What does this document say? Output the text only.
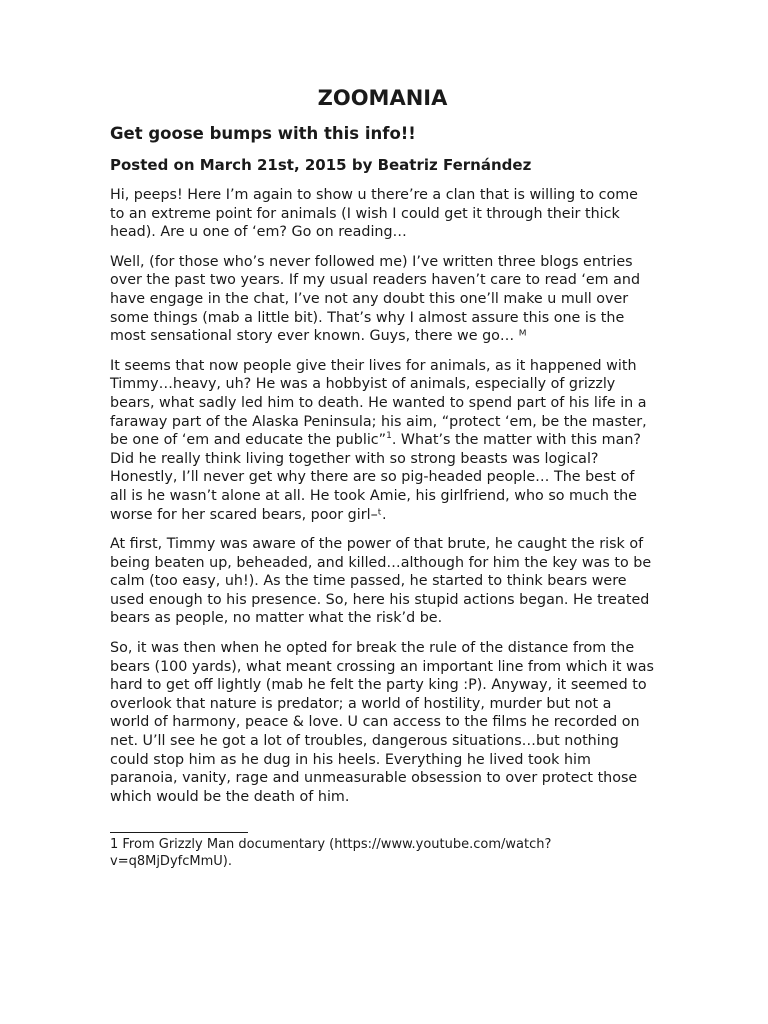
ZOOMANIA
Get goose bumps with this info!!
Posted on March 21st, 2015 by Beatriz Fernández

Hi, peeps! Here I’m again to show u there’re a clan that is willing to come to an extreme point for animals (I wish I could get it through their thick head). Are u one of ‘em? Go on reading…

Well, (for those who’s never followed me) I’ve written three blogs entries over the past two years. If my usual readers haven’t care to read ‘em and have engage in the chat, I’ve not any doubt this one’ll make u mull over some things (mab a little bit). That’s why I almost assure this one is the most sensational story ever known. Guys, there we go… ᴹ

It seems that now people give their lives for animals, as it happened with Timmy…heavy, uh? He was a hobbyist of animals, especially of grizzly bears, what sadly led him to death. He wanted to spend part of his life in a faraway part of the Alaska Peninsula; his aim, “protect ‘em, be the master, be one of ‘em and educate the public”$^1$. What’s the matter with this man? Did he really think living together with so strong beasts was logical? Honestly, I’ll never get why there are so pig-headed people… The best of all is he wasn’t alone at all. He took Amie, his girlfriend, who so much the worse for her scared bears, poor girl–ᵗ.

At first, Timmy was aware of the power of that brute, he caught the risk of being beaten up, beheaded, and killed…although for him the key was to be calm (too easy, uh!). As the time passed, he started to think bears were used enough to his presence. So, here his stupid actions began. He treated bears as people, no matter what the risk’d be.

So, it was then when he opted for break the rule of the distance from the bears (100 yards), what meant crossing an important line from which it was hard to get off lightly (mab he felt the party king :P). Anyway, it seemed to overlook that nature is predator; a world of hostility, murder but not a world of harmony, peace & love. U can access to the films he recorded on net. U’ll see he got a lot of troubles, dangerous situations…but nothing could stop him as he dug in his heels. Everything he lived took him paranoia, vanity, rage and unmeasurable obsession to over protect those which would be the death of him.

1 From Grizzly Man documentary (https://www.youtube.com/watch?v=q8MjDyfcMmU).
